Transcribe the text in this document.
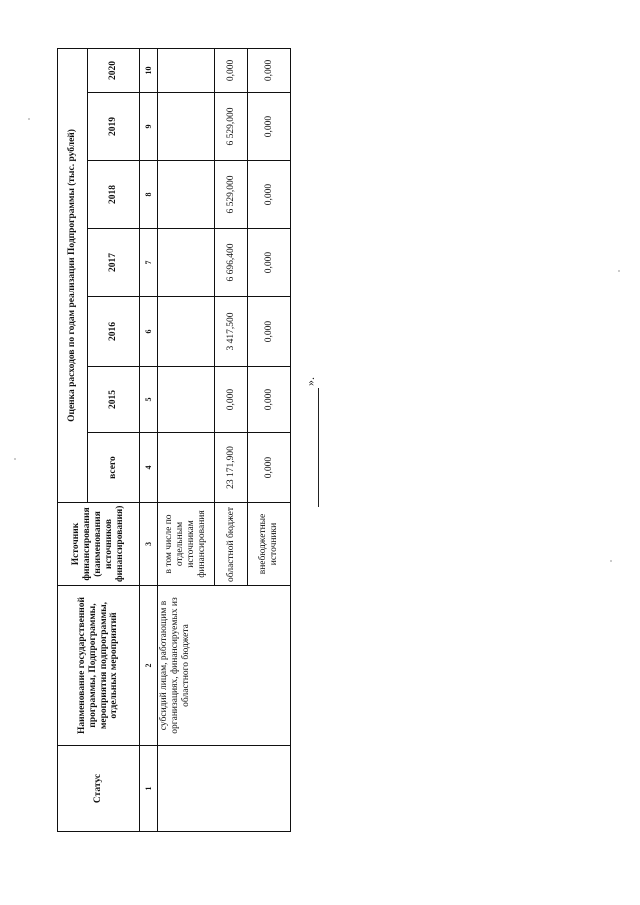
Статус	Наименование государственной программы, Подпрограммы, мероприятия подпрограммы, отдельных мероприятий	Источник финансирования (наименования источников финансирования)	Оценка расходов по годам реализации Подпрограммы (тыс. рублей)						
			всего	2015	2016	2017	2018	2019	2020
1	2	3	4	5	6	7	8	9	10
	субсидий лицам, работающим в организациях, финансируемых из областного бюджета	в том числе по отдельным источникам финансирования							
		областной бюджет	23 171,900	0,000	3 417,500	6 696,400	6 529,000	6 529,000	0,000
		внебюджетные источники	0,000	0,000	0,000	0,000	0,000	0,000	0,000
».
